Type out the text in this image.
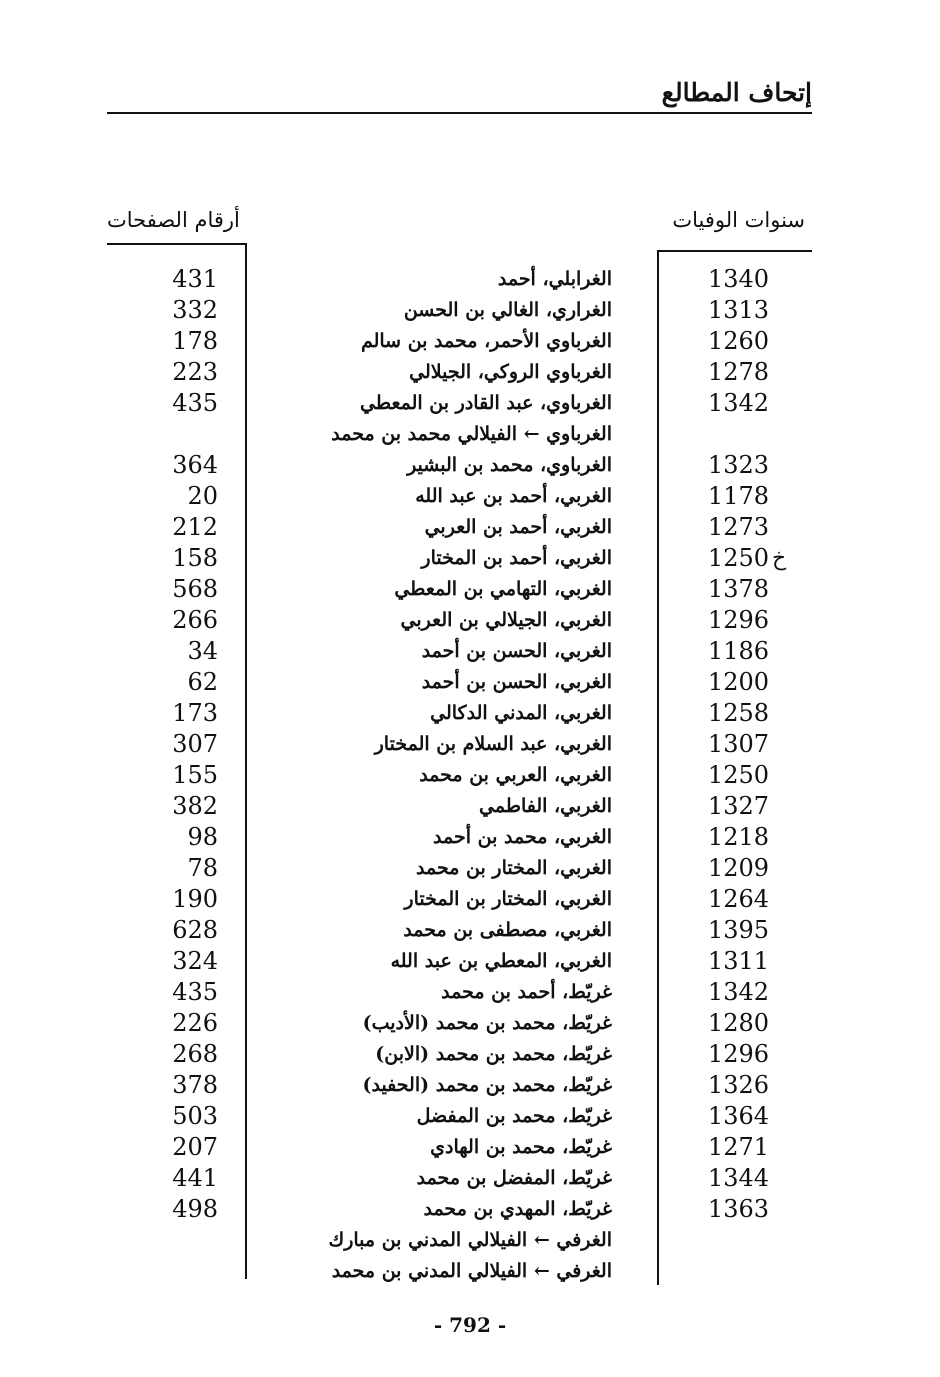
إتحاف المطالع
سنوات الوفيات
أرقام الصفحات
1340
الغرابلي، أحمد
431
1313
الغراري، الغالي بن الحسن
332
1260
الغرباوي الأحمر، محمد بن سالم
178
1278
الغرباوي الروكي، الجيلالي
223
1342
الغرباوي، عبد القادر بن المعطي
435
الغرباوي ← الفيلالي محمد بن محمد
1323
الغرباوي، محمد بن البشير
364
1178
الغربي، أحمد بن عبد الله
20
1273
الغربي، أحمد بن العربي
212
1250 خ
الغربي، أحمد بن المختار
158
1378
الغربي، التهامي بن المعطي
568
1296
الغربي، الجيلالي بن العربي
266
1186
الغربي، الحسن بن أحمد
34
1200
الغربي، الحسن بن أحمد
62
1258
الغربي، المدني الدكالي
173
1307
الغربي، عبد السلام بن المختار
307
1250
الغربي، العربي بن محمد
155
1327
الغربي، الفاطمي
382
1218
الغربي، محمد بن أحمد
98
1209
الغربي، المختار بن محمد
78
1264
الغربي، المختار بن المختار
190
1395
الغربي، مصطفى بن محمد
628
1311
الغربي، المعطي بن عبد الله
324
1342
غريّط، أحمد بن محمد
435
1280
غريّط، محمد بن محمد (الأديب)
226
1296
غريّط، محمد بن محمد (الابن)
268
1326
غريّط، محمد بن محمد (الحفيد)
378
1364
غريّط، محمد بن المفضل
503
1271
غريّط، محمد بن الهادي
207
1344
غريّط، المفضل بن محمد
441
1363
غريّط، المهدي بن محمد
498
الغرفي ← الفيلالي المدني بن مبارك
الغرفي ← الفيلالي المدني بن محمد
- 792 -
